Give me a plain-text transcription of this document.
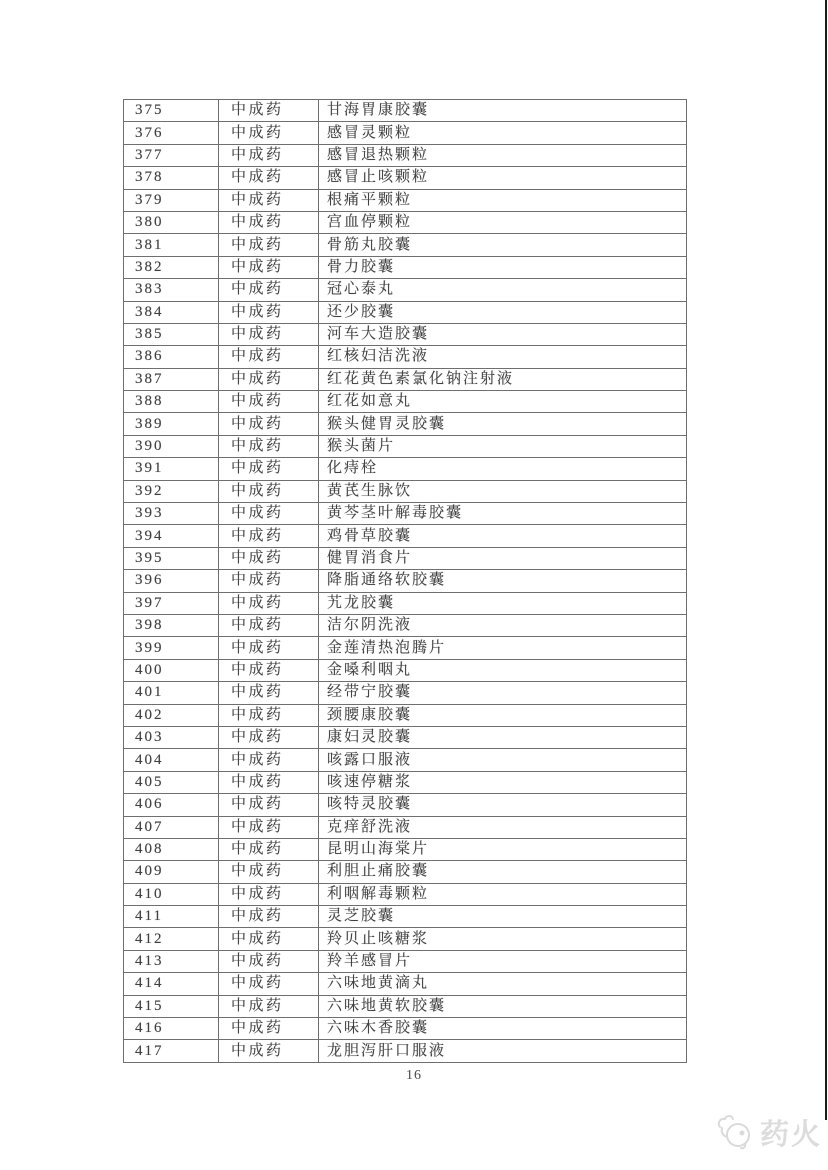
375	中成药	甘海胃康胶囊
376	中成药	感冒灵颗粒
377	中成药	感冒退热颗粒
378	中成药	感冒止咳颗粒
379	中成药	根痛平颗粒
380	中成药	宫血停颗粒
381	中成药	骨筋丸胶囊
382	中成药	骨力胶囊
383	中成药	冠心泰丸
384	中成药	还少胶囊
385	中成药	河车大造胶囊
386	中成药	红核妇洁洗液
387	中成药	红花黄色素氯化钠注射液
388	中成药	红花如意丸
389	中成药	猴头健胃灵胶囊
390	中成药	猴头菌片
391	中成药	化痔栓
392	中成药	黄芪生脉饮
393	中成药	黄芩茎叶解毒胶囊
394	中成药	鸡骨草胶囊
395	中成药	健胃消食片
396	中成药	降脂通络软胶囊
397	中成药	艽龙胶囊
398	中成药	洁尔阴洗液
399	中成药	金莲清热泡腾片
400	中成药	金嗓利咽丸
401	中成药	经带宁胶囊
402	中成药	颈腰康胶囊
403	中成药	康妇灵胶囊
404	中成药	咳露口服液
405	中成药	咳速停糖浆
406	中成药	咳特灵胶囊
407	中成药	克痒舒洗液
408	中成药	昆明山海棠片
409	中成药	利胆止痛胶囊
410	中成药	利咽解毒颗粒
411	中成药	灵芝胶囊
412	中成药	羚贝止咳糖浆
413	中成药	羚羊感冒片
414	中成药	六味地黄滴丸
415	中成药	六味地黄软胶囊
416	中成药	六味木香胶囊
417	中成药	龙胆泻肝口服液
16
药火
